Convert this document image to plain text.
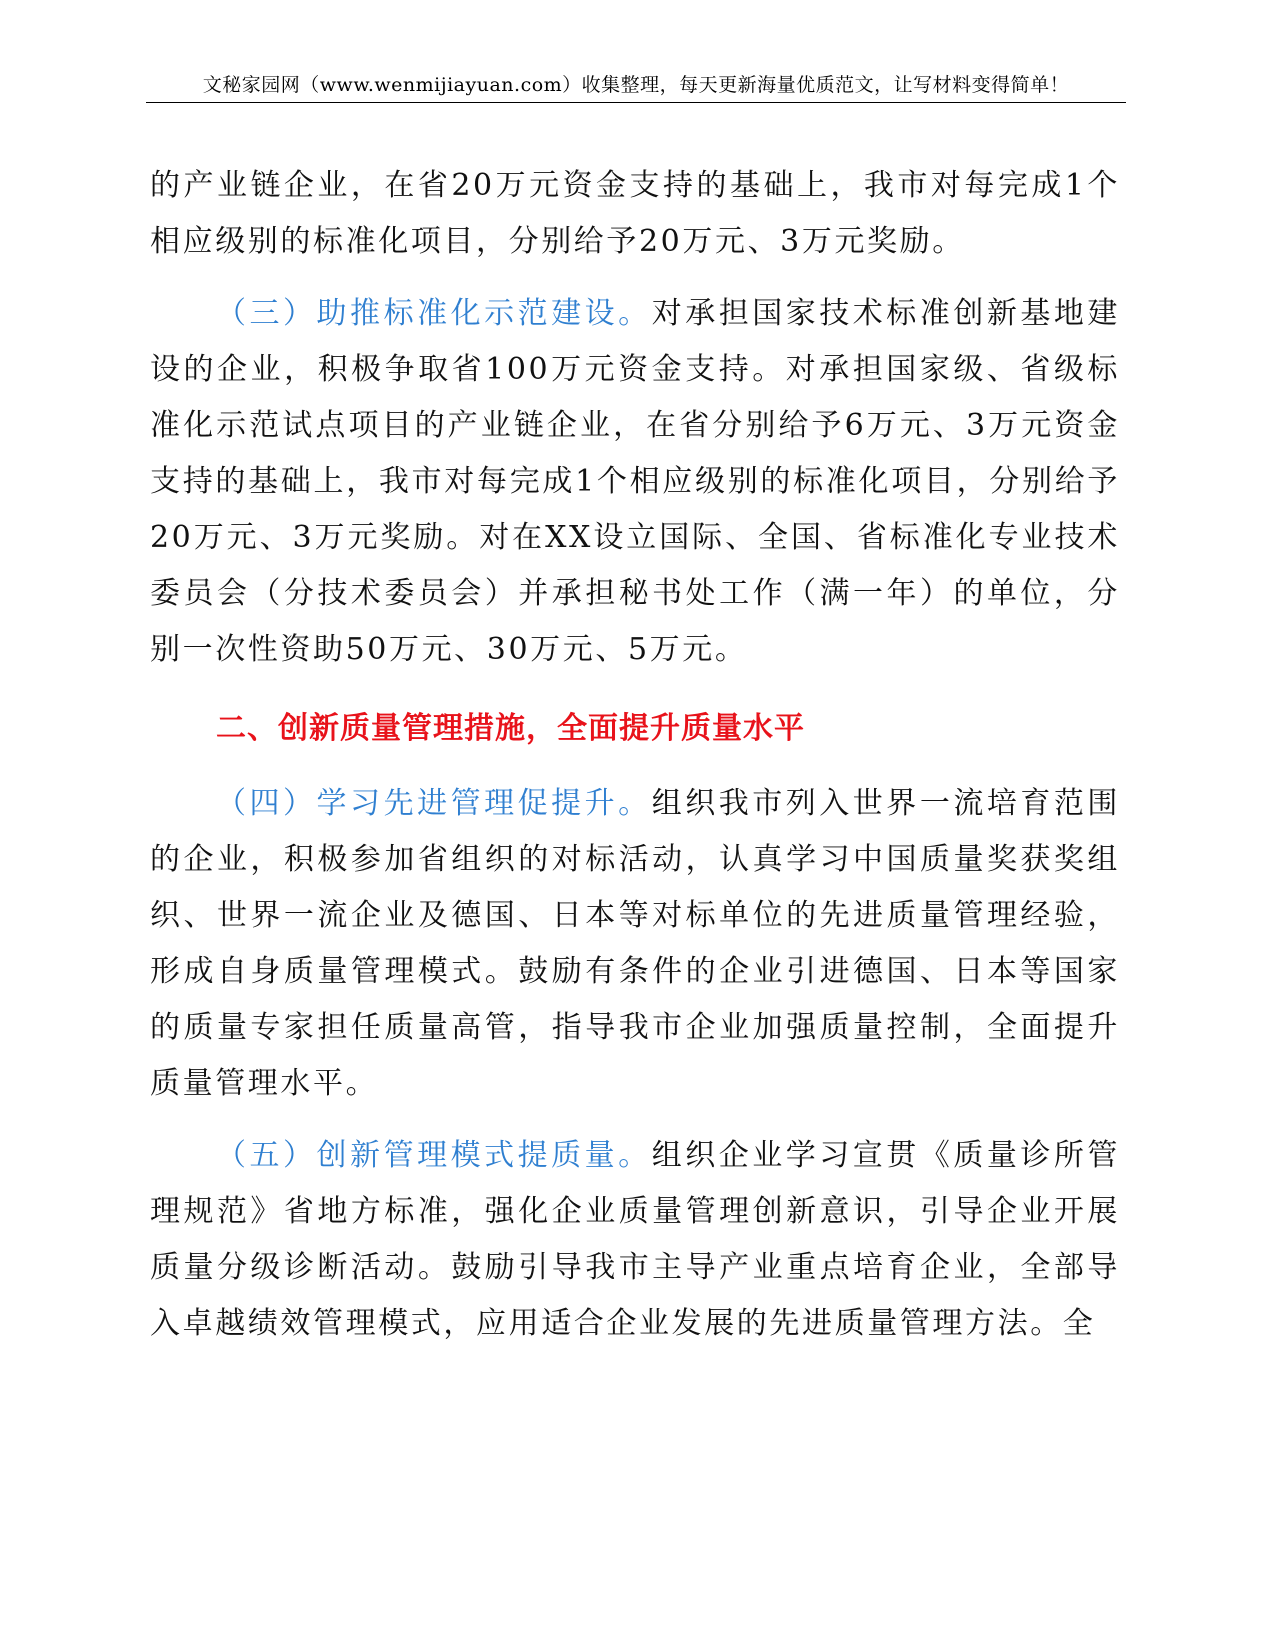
文秘家园网（www.wenmijiayuan.com）收集整理，每天更新海量优质范文，让写材料变得简单！

的产业链企业，在省20万元资金支持的基础上，我市对每完成1个相应级别的标准化项目，分别给予20万元、3万元奖励。

（三）助推标准化示范建设。对承担国家技术标准创新基地建设的企业，积极争取省100万元资金支持。对承担国家级、省级标准化示范试点项目的产业链企业，在省分别给予6万元、3万元资金支持的基础上，我市对每完成1个相应级别的标准化项目，分别给予20万元、3万元奖励。对在XX设立国际、全国、省标准化专业技术委员会（分技术委员会）并承担秘书处工作（满一年）的单位，分别一次性资助50万元、30万元、5万元。

二、创新质量管理措施，全面提升质量水平

（四）学习先进管理促提升。组织我市列入世界一流培育范围的企业，积极参加省组织的对标活动，认真学习中国质量奖获奖组织、世界一流企业及德国、日本等对标单位的先进质量管理经验，形成自身质量管理模式。鼓励有条件的企业引进德国、日本等国家的质量专家担任质量高管，指导我市企业加强质量控制，全面提升质量管理水平。

（五）创新管理模式提质量。组织企业学习宣贯《质量诊所管理规范》省地方标准，强化企业质量管理创新意识，引导企业开展质量分级诊断活动。鼓励引导我市主导产业重点培育企业，全部导入卓越绩效管理模式，应用适合企业发展的先进质量管理方法。全
